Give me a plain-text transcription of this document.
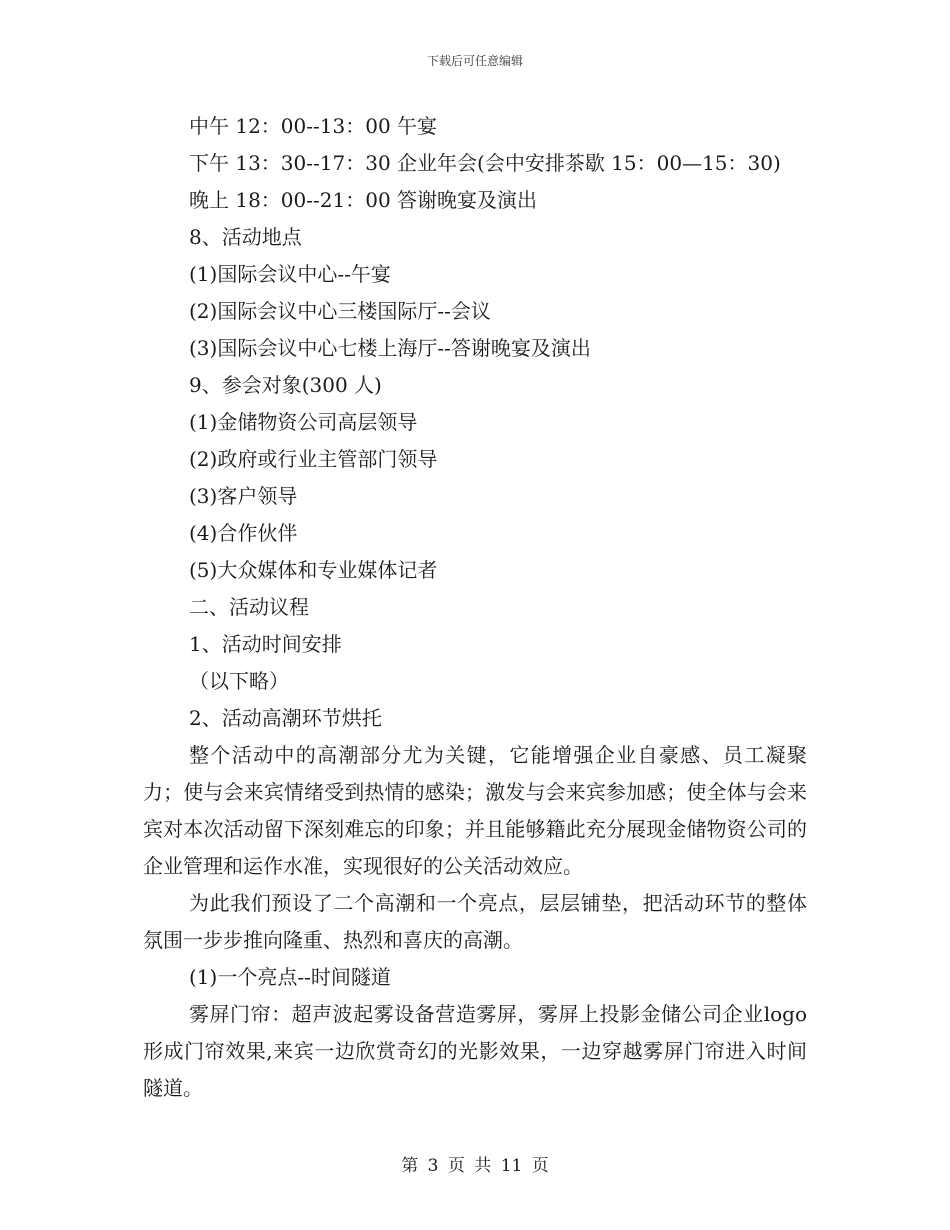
下载后可任意编辑
中午 12：00--13：00 午宴
下午 13：30--17：30 企业年会(会中安排茶歇 15：00—15：30)
晚上 18：00--21：00 答谢晚宴及演出
8、活动地点
(1)国际会议中心--午宴
(2)国际会议中心三楼国际厅--会议
(3)国际会议中心七楼上海厅--答谢晚宴及演出
9、参会对象(300 人)
(1)金储物资公司高层领导
(2)政府或行业主管部门领导
(3)客户领导
(4)合作伙伴
(5)大众媒体和专业媒体记者
二、活动议程
1、活动时间安排
（以下略）
2、活动高潮环节烘托
整个活动中的高潮部分尤为关键，它能增强企业自豪感、员工凝聚力；使与会来宾情绪受到热情的感染；激发与会来宾参加感；使全体与会来宾对本次活动留下深刻难忘的印象；并且能够籍此充分展现金储物资公司的企业管理和运作水准，实现很好的公关活动效应。
为此我们预设了二个高潮和一个亮点，层层铺垫，把活动环节的整体氛围一步步推向隆重、热烈和喜庆的高潮。
(1)一个亮点--时间隧道
雾屏门帘：超声波起雾设备营造雾屏，雾屏上投影金储公司企业logo 形成门帘效果,来宾一边欣赏奇幻的光影效果，一边穿越雾屏门帘进入时间隧道。
第 3 页 共 11 页
